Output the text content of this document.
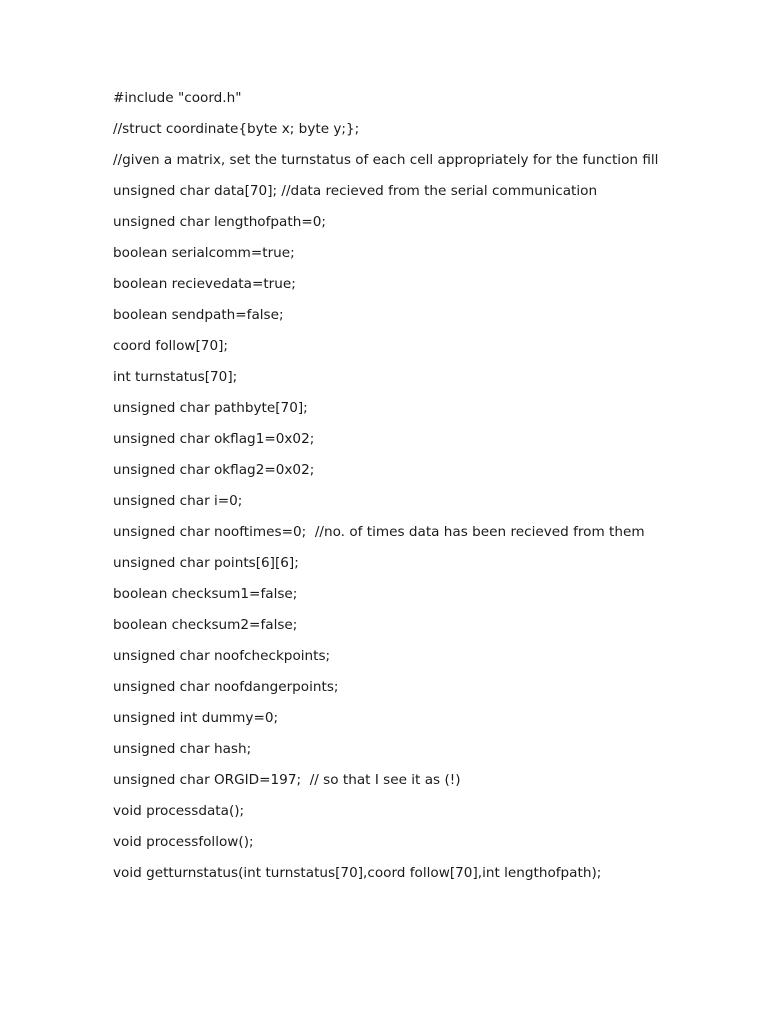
#include "coord.h"
//struct coordinate{byte x; byte y;};
//given a matrix, set the turnstatus of each cell appropriately for the function fill
unsigned char data[70]; //data recieved from the serial communication
unsigned char lengthofpath=0;
boolean serialcomm=true;
boolean recievedata=true;
boolean sendpath=false;
coord follow[70];
int turnstatus[70];
unsigned char pathbyte[70];
unsigned char okflag1=0x02;
unsigned char okflag2=0x02;
unsigned char i=0;
unsigned char nooftimes=0;  //no. of times data has been recieved from them
unsigned char points[6][6];
boolean checksum1=false;
boolean checksum2=false;
unsigned char noofcheckpoints;
unsigned char noofdangerpoints;
unsigned int dummy=0;
unsigned char hash;
unsigned char ORGID=197;  // so that I see it as (!)
void processdata();
void processfollow();
void getturnstatus(int turnstatus[70],coord follow[70],int lengthofpath);
